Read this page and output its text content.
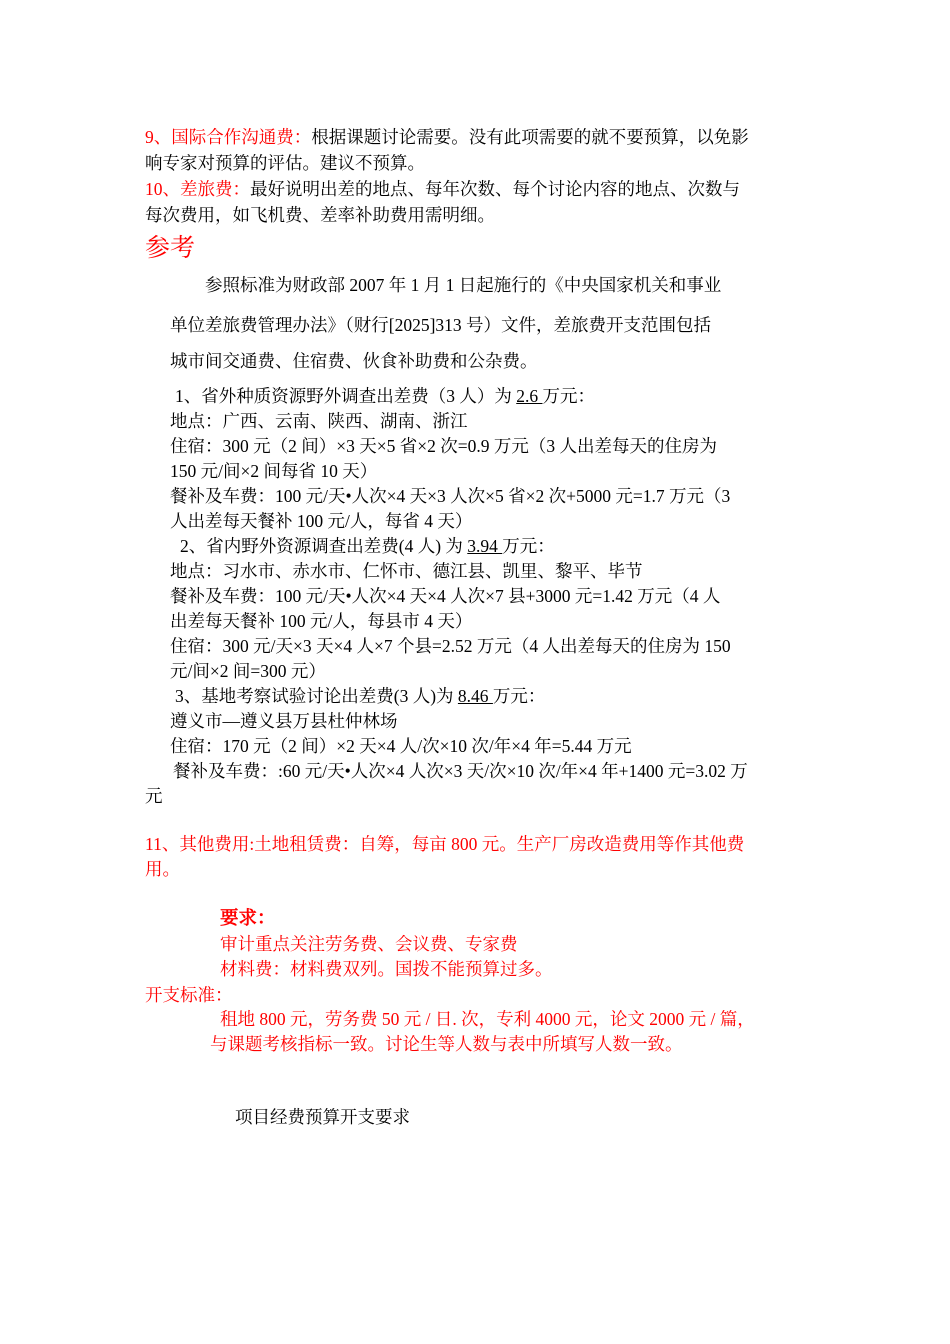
9、国际合作沟通费：根据课题讨论需要。没有此项需要的就不要预算，以免影
响专家对预算的评估。建议不预算。
10、差旅费：最好说明出差的地点、每年次数、每个讨论内容的地点、次数与
每次费用，如飞机费、差率补助费用需明细。
参考
参照标准为财政部 2007 年 1 月 1 日起施行的《中央国家机关和事业
单位差旅费管理办法》（财行[2025]313 号）文件，差旅费开支范围包括
城市间交通费、住宿费、伙食补助费和公杂费。
1、省外种质资源野外调查出差费（3 人）为 2.6 万元：
地点：广西、云南、陕西、湖南、浙江
住宿：300 元（2 间）×3 天×5 省×2 次=0.9 万元（3 人出差每天的住房为
150 元/间×2 间每省 10 天）
餐补及车费：100 元/天•人次×4 天×3 人次×5 省×2 次+5000 元=1.7 万元（3
人出差每天餐补 100 元/人，每省 4 天）
2、省内野外资源调查出差费(4 人) 为 3.94 万元：
地点：习水市、赤水市、仁怀市、德江县、凯里、黎平、毕节
餐补及车费：100 元/天•人次×4 天×4 人次×7 县+3000 元=1.42 万元（4 人
出差每天餐补 100 元/人，每县市 4 天）
住宿：300 元/天×3 天×4 人×7 个县=2.52 万元（4 人出差每天的住房为 150
元/间×2 间=300 元）
3、基地考察试验讨论出差费(3 人)为 8.46 万元：
遵义市—遵义县万县杜仲林场
住宿：170 元（2 间）×2 天×4 人/次×10 次/年×4 年=5.44 万元
餐补及车费：:60 元/天•人次×4 人次×3 天/次×10 次/年×4 年+1400 元=3.02 万
元
11、其他费用:土地租赁费：自筹，每亩 800 元。生产厂房改造费用等作其他费
用。
要求：
审计重点关注劳务费、会议费、专家费
材料费：材料费双列。国拨不能预算过多。
开支标准：
租地 800 元，劳务费 50 元 / 日. 次，专利 4000 元，论文 2000 元 / 篇，
与课题考核指标一致。讨论生等人数与表中所填写人数一致。
项目经费预算开支要求
